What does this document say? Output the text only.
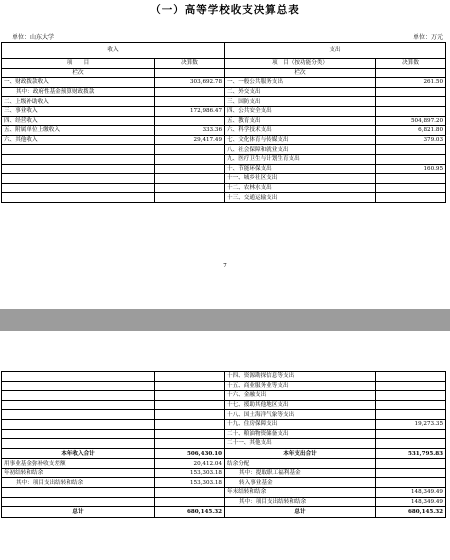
（一）高等学校收支决算总表
单位：山东大学	单位：万元
收入		支出	
项　　目	决算数	项　目（按功能分类）	决算数
栏次		栏次	
一、财政拨款收入	303,692.78	一、一般公共服务支出	261.50
其中：政府性基金预算财政拨款		二、外交支出	
二、上级补助收入		三、国防支出	
三、事业收入	172,986.47	四、公共安全支出	
四、经营收入		五、教育支出	504,897.20
五、附属单位上缴收入	333.36	六、科学技术支出	6,821.80
六、其他收入	29,417.49	七、文化体育与传媒支出	379.03
		八、社会保障和就业支出	
		九、医疗卫生与计划生育支出	
		十、节能环保支出	160.95
		十一、城乡社区支出	
		十二、农林水支出	
		十三、交通运输支出	
7
		十四、资源勘探信息等支出	
		十五、商业服务业等支出	
		十六、金融支出	
		十七、援助其他地区支出	
		十八、国土海洋气象等支出	
		十九、住房保障支出	19,273.35
		二十、粮油物资储备支出	
		二十一、其他支出	
本年收入合计	506,430.10	本年支出合计	531,795.83
用事业基金弥补收支差额	20,412.04	结余分配	
年初结转和结余	153,303.18	其中：提取职工福利基金	
其中：项目支出结转和结余	153,303.18	转入事业基金	
		年末结转和结余	148,349.49
		其中：项目支出结转和结余	148,349.49
总计	680,145.32	总计	680,145.32
